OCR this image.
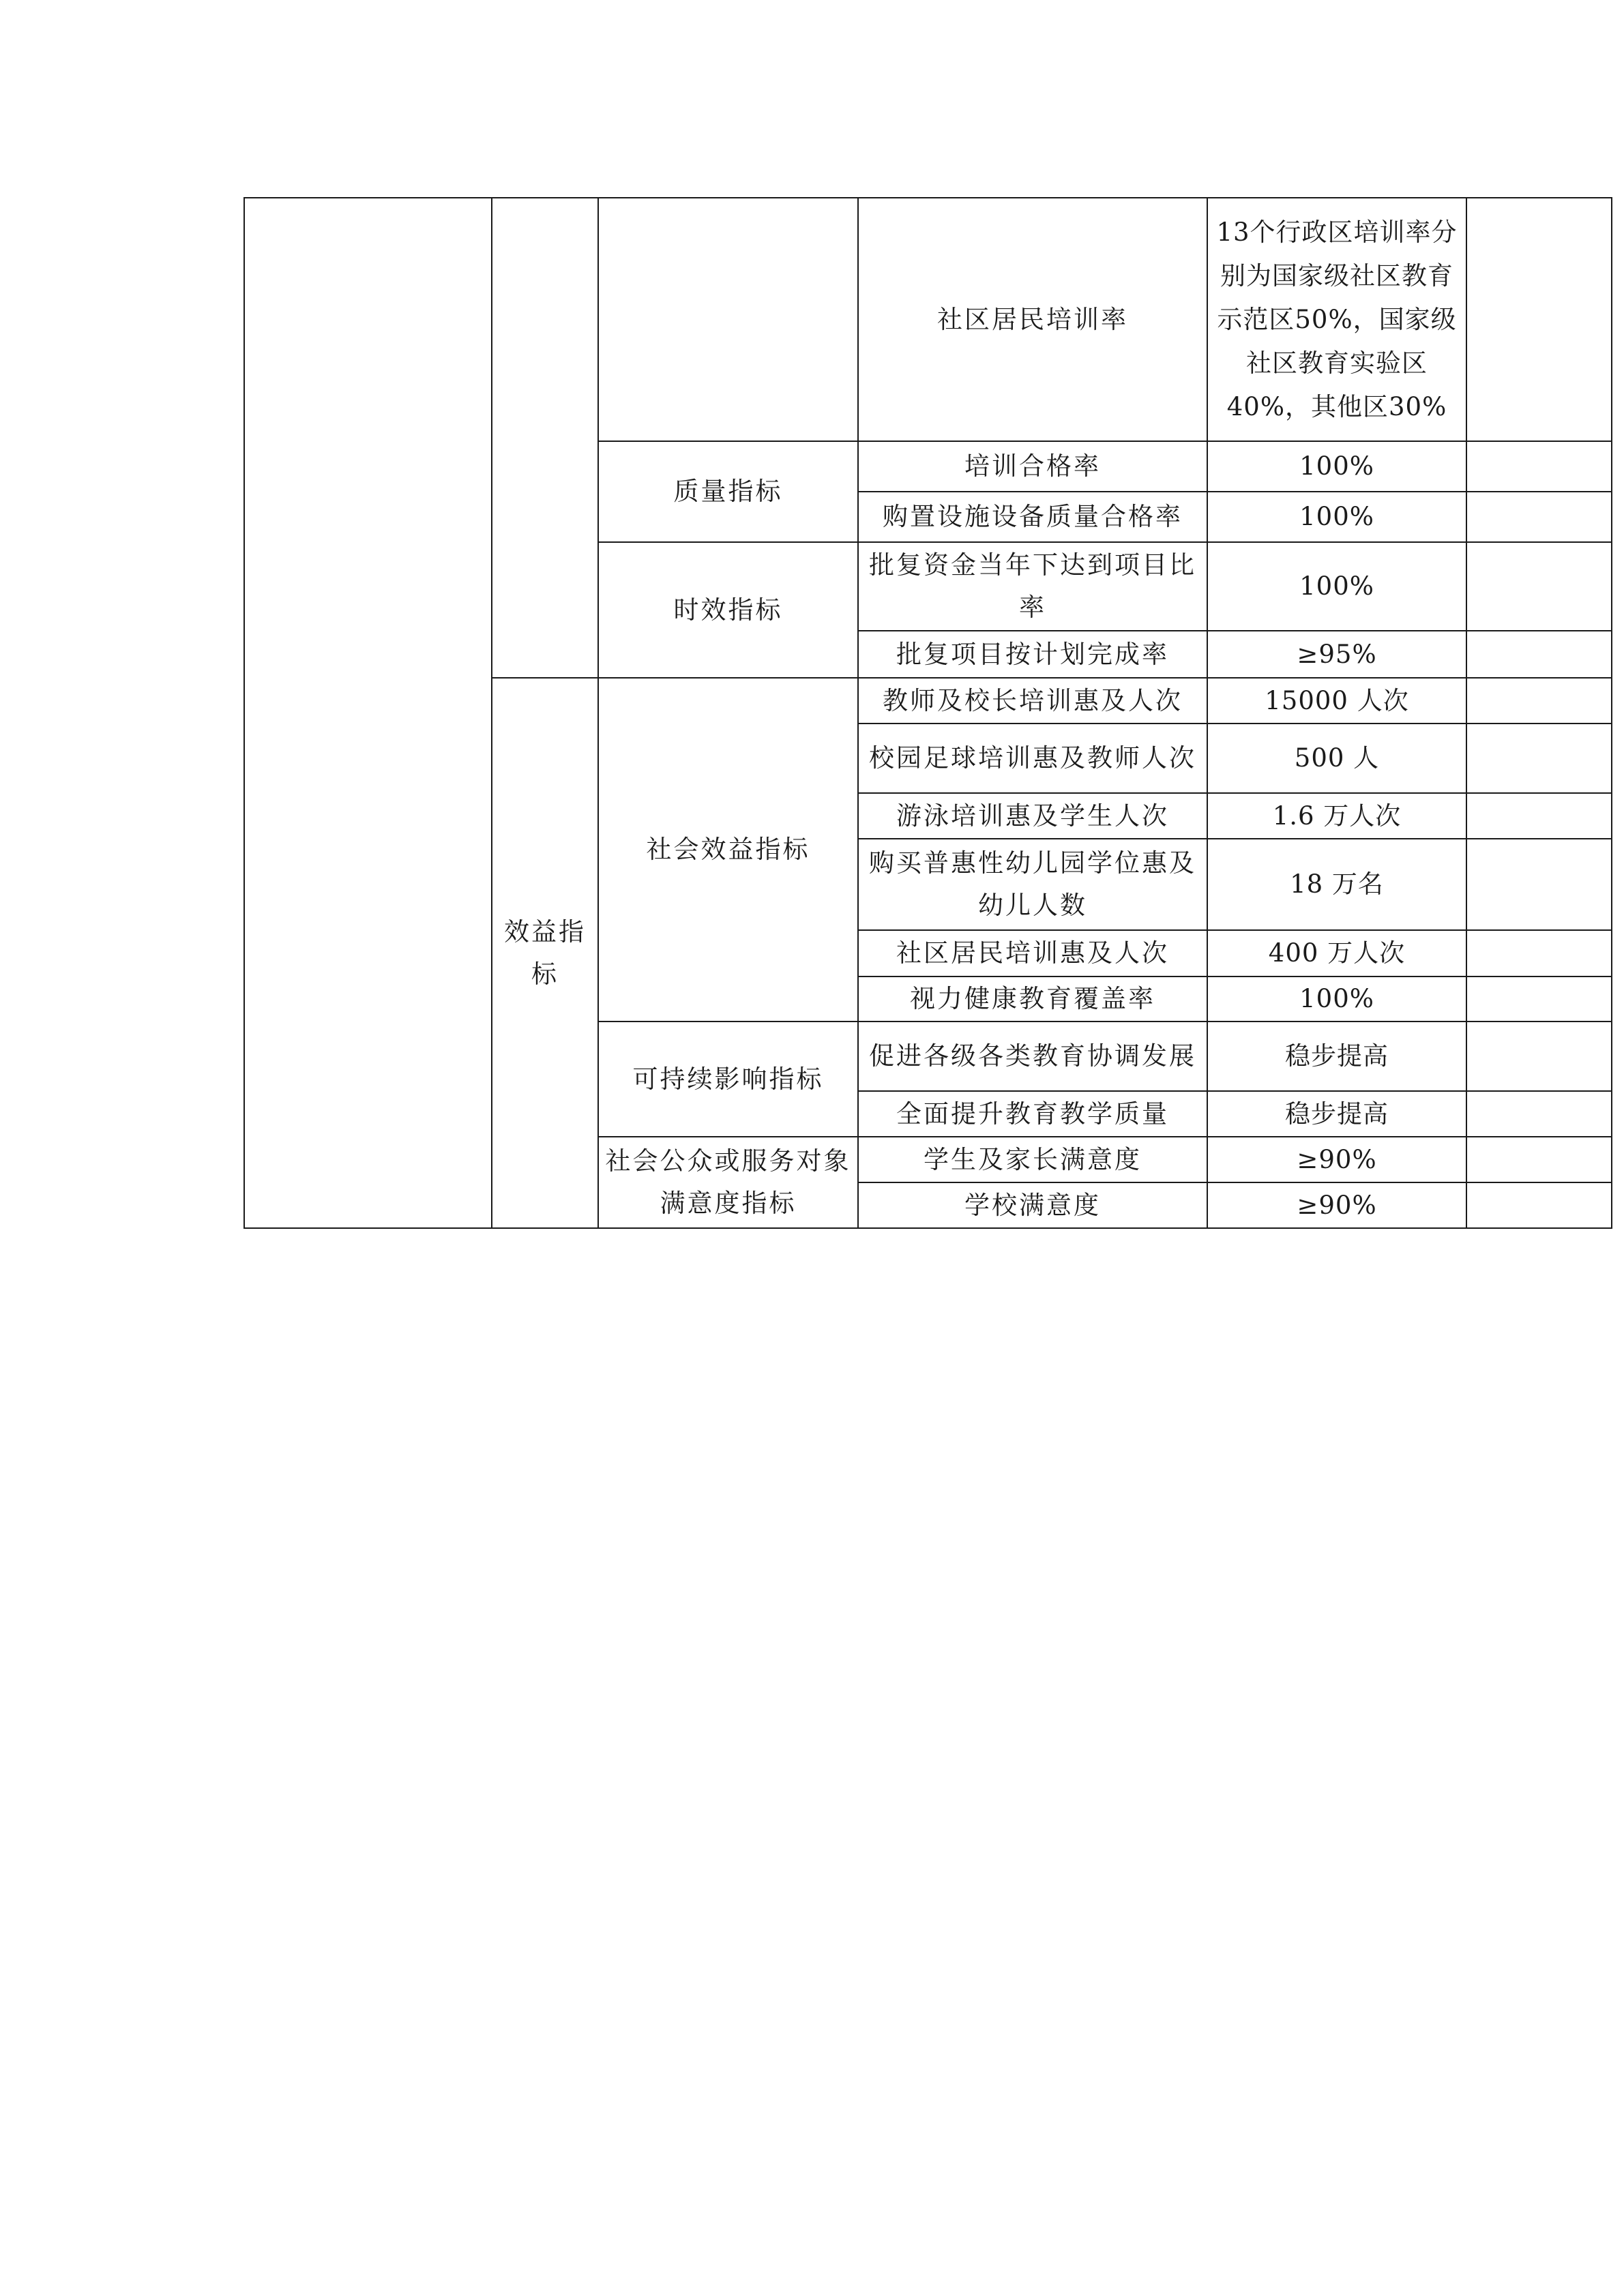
			社区居民培训率	13个行政区培训率分别为国家级社区教育示范区50%，国家级社区教育实验区40%，其他区30%	
		质量指标	培训合格率	100%	
			购置设施设备质量合格率	100%	
		时效指标	批复资金当年下达到项目比率	100%	
			批复项目按计划完成率	≥95%	
	效益指标	社会效益指标	教师及校长培训惠及人次	15000 人次	
			校园足球培训惠及教师人次	500 人	
			游泳培训惠及学生人次	1.6 万人次	
			购买普惠性幼儿园学位惠及幼儿人数	18 万名	
			社区居民培训惠及人次	400 万人次	
			视力健康教育覆盖率	100%	
		可持续影响指标	促进各级各类教育协调发展	稳步提高	
			全面提升教育教学质量	稳步提高	
		社会公众或服务对象满意度指标	学生及家长满意度	≥90%	
			学校满意度	≥90%	
